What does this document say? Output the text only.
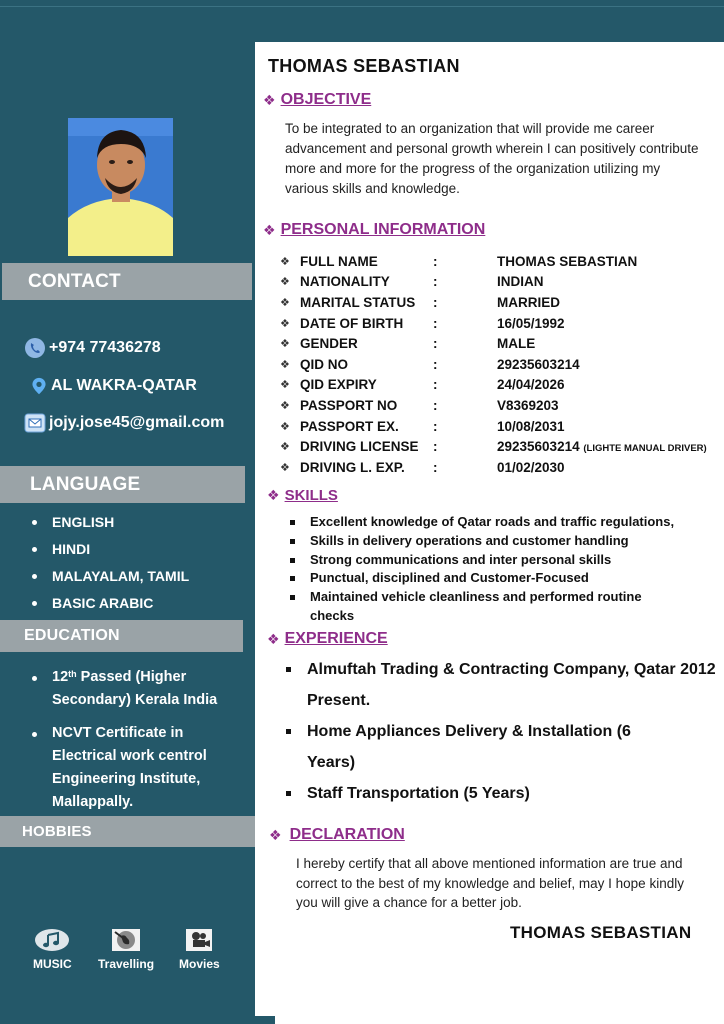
CONTACT
+974 77436278
AL WAKRA-QATAR
jojy.jose45@gmail.com
LANGUAGE
ENGLISH
HINDI
MALAYALAM, TAMIL
BASIC ARABIC
EDUCATION
12th Passed (Higher Secondary) Kerala India
NCVT Certificate in Electrical work centrol Engineering Institute, Mallappally.
HOBBIES
MUSIC Travelling Movies
THOMAS SEBASTIAN
❖ OBJECTIVE

To be integrated to an organization that will provide me career advancement and personal growth wherein I can positively contribute more and more for the progress of the organization utilizing my various skills and knowledge.

❖ PERSONAL INFORMATION
❖	FULL NAME	:	THOMAS SEBASTIAN
❖	NATIONALITY	:	INDIAN
❖	MARITAL STATUS	:	MARRIED
❖	DATE OF BIRTH	:	16/05/1992
❖	GENDER	:	MALE
❖	QID NO	:	29235603214
❖	QID EXPIRY	:	24/04/2026
❖	PASSPORT NO	:	V8369203
❖	PASSPORT EX.	:	10/08/2031
❖	DRIVING LICENSE	:	29235603214 (LIGHTE MANUAL DRIVER)
❖	DRIVING L. EXP.	:	01/02/2030
❖ SKILLS
Excellent knowledge of Qatar roads and traffic regulations,
Skills in delivery operations and customer handling
Strong communications and inter personal skills
Punctual, disciplined and Customer-Focused
Maintained vehicle cleanliness and performed routine checks
❖ EXPERIENCE
Almuftah Trading & Contracting Company, Qatar 2012 Present.
Home Appliances Delivery & Installation (6 Years)
Staff Transportation (5 Years)
❖ DECLARATION

I hereby certify that all above mentioned information are true and correct to the best of my knowledge and belief, may I hope kindly you will give a chance for a better job.

THOMAS SEBASTIAN
